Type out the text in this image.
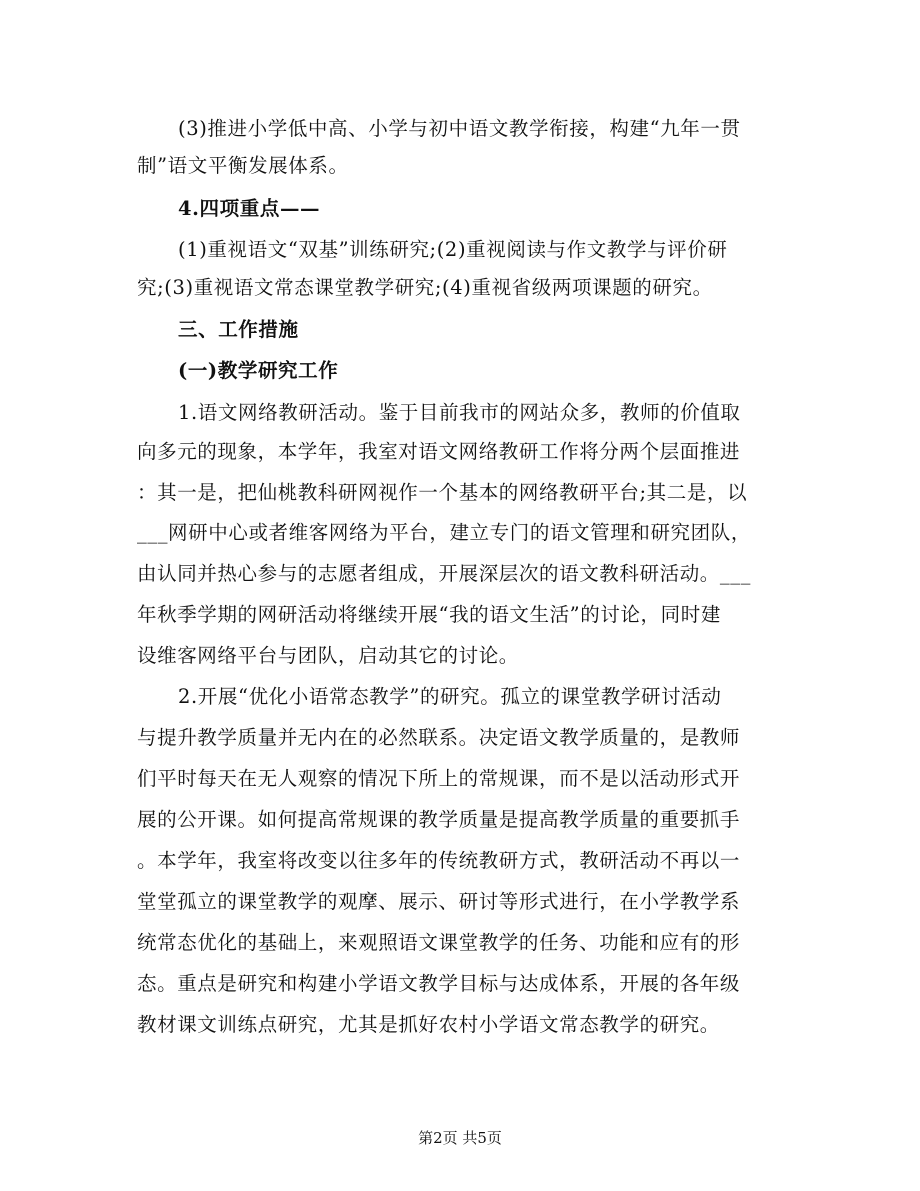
(3)推进小学低中高、小学与初中语文教学衔接，构建“九年一贯
制”语文平衡发展体系。
4.四项重点——
(1)重视语文“双基”训练研究;(2)重视阅读与作文教学与评价研
究;(3)重视语文常态课堂教学研究;(4)重视省级两项课题的研究。
三、工作措施
(一)教学研究工作
1.语文网络教研活动。鉴于目前我市的网站众多，教师的价值取
向多元的现象，本学年，我室对语文网络教研工作将分两个层面推进
：其一是，把仙桃教科研网视作一个基本的网络教研平台;其二是，以
___网研中心或者维客网络为平台，建立专门的语文管理和研究团队，
由认同并热心参与的志愿者组成，开展深层次的语文教科研活动。___
年秋季学期的网研活动将继续开展“我的语文生活”的讨论，同时建
设维客网络平台与团队，启动其它的讨论。
2.开展“优化小语常态教学”的研究。孤立的课堂教学研讨活动
与提升教学质量并无内在的必然联系。决定语文教学质量的，是教师
们平时每天在无人观察的情况下所上的常规课，而不是以活动形式开
展的公开课。如何提高常规课的教学质量是提高教学质量的重要抓手
。本学年，我室将改变以往多年的传统教研方式，教研活动不再以一
堂堂孤立的课堂教学的观摩、展示、研讨等形式进行，在小学教学系
统常态优化的基础上，来观照语文课堂教学的任务、功能和应有的形
态。重点是研究和构建小学语文教学目标与达成体系，开展的各年级
教材课文训练点研究，尤其是抓好农村小学语文常态教学的研究。
第2页 共5页
